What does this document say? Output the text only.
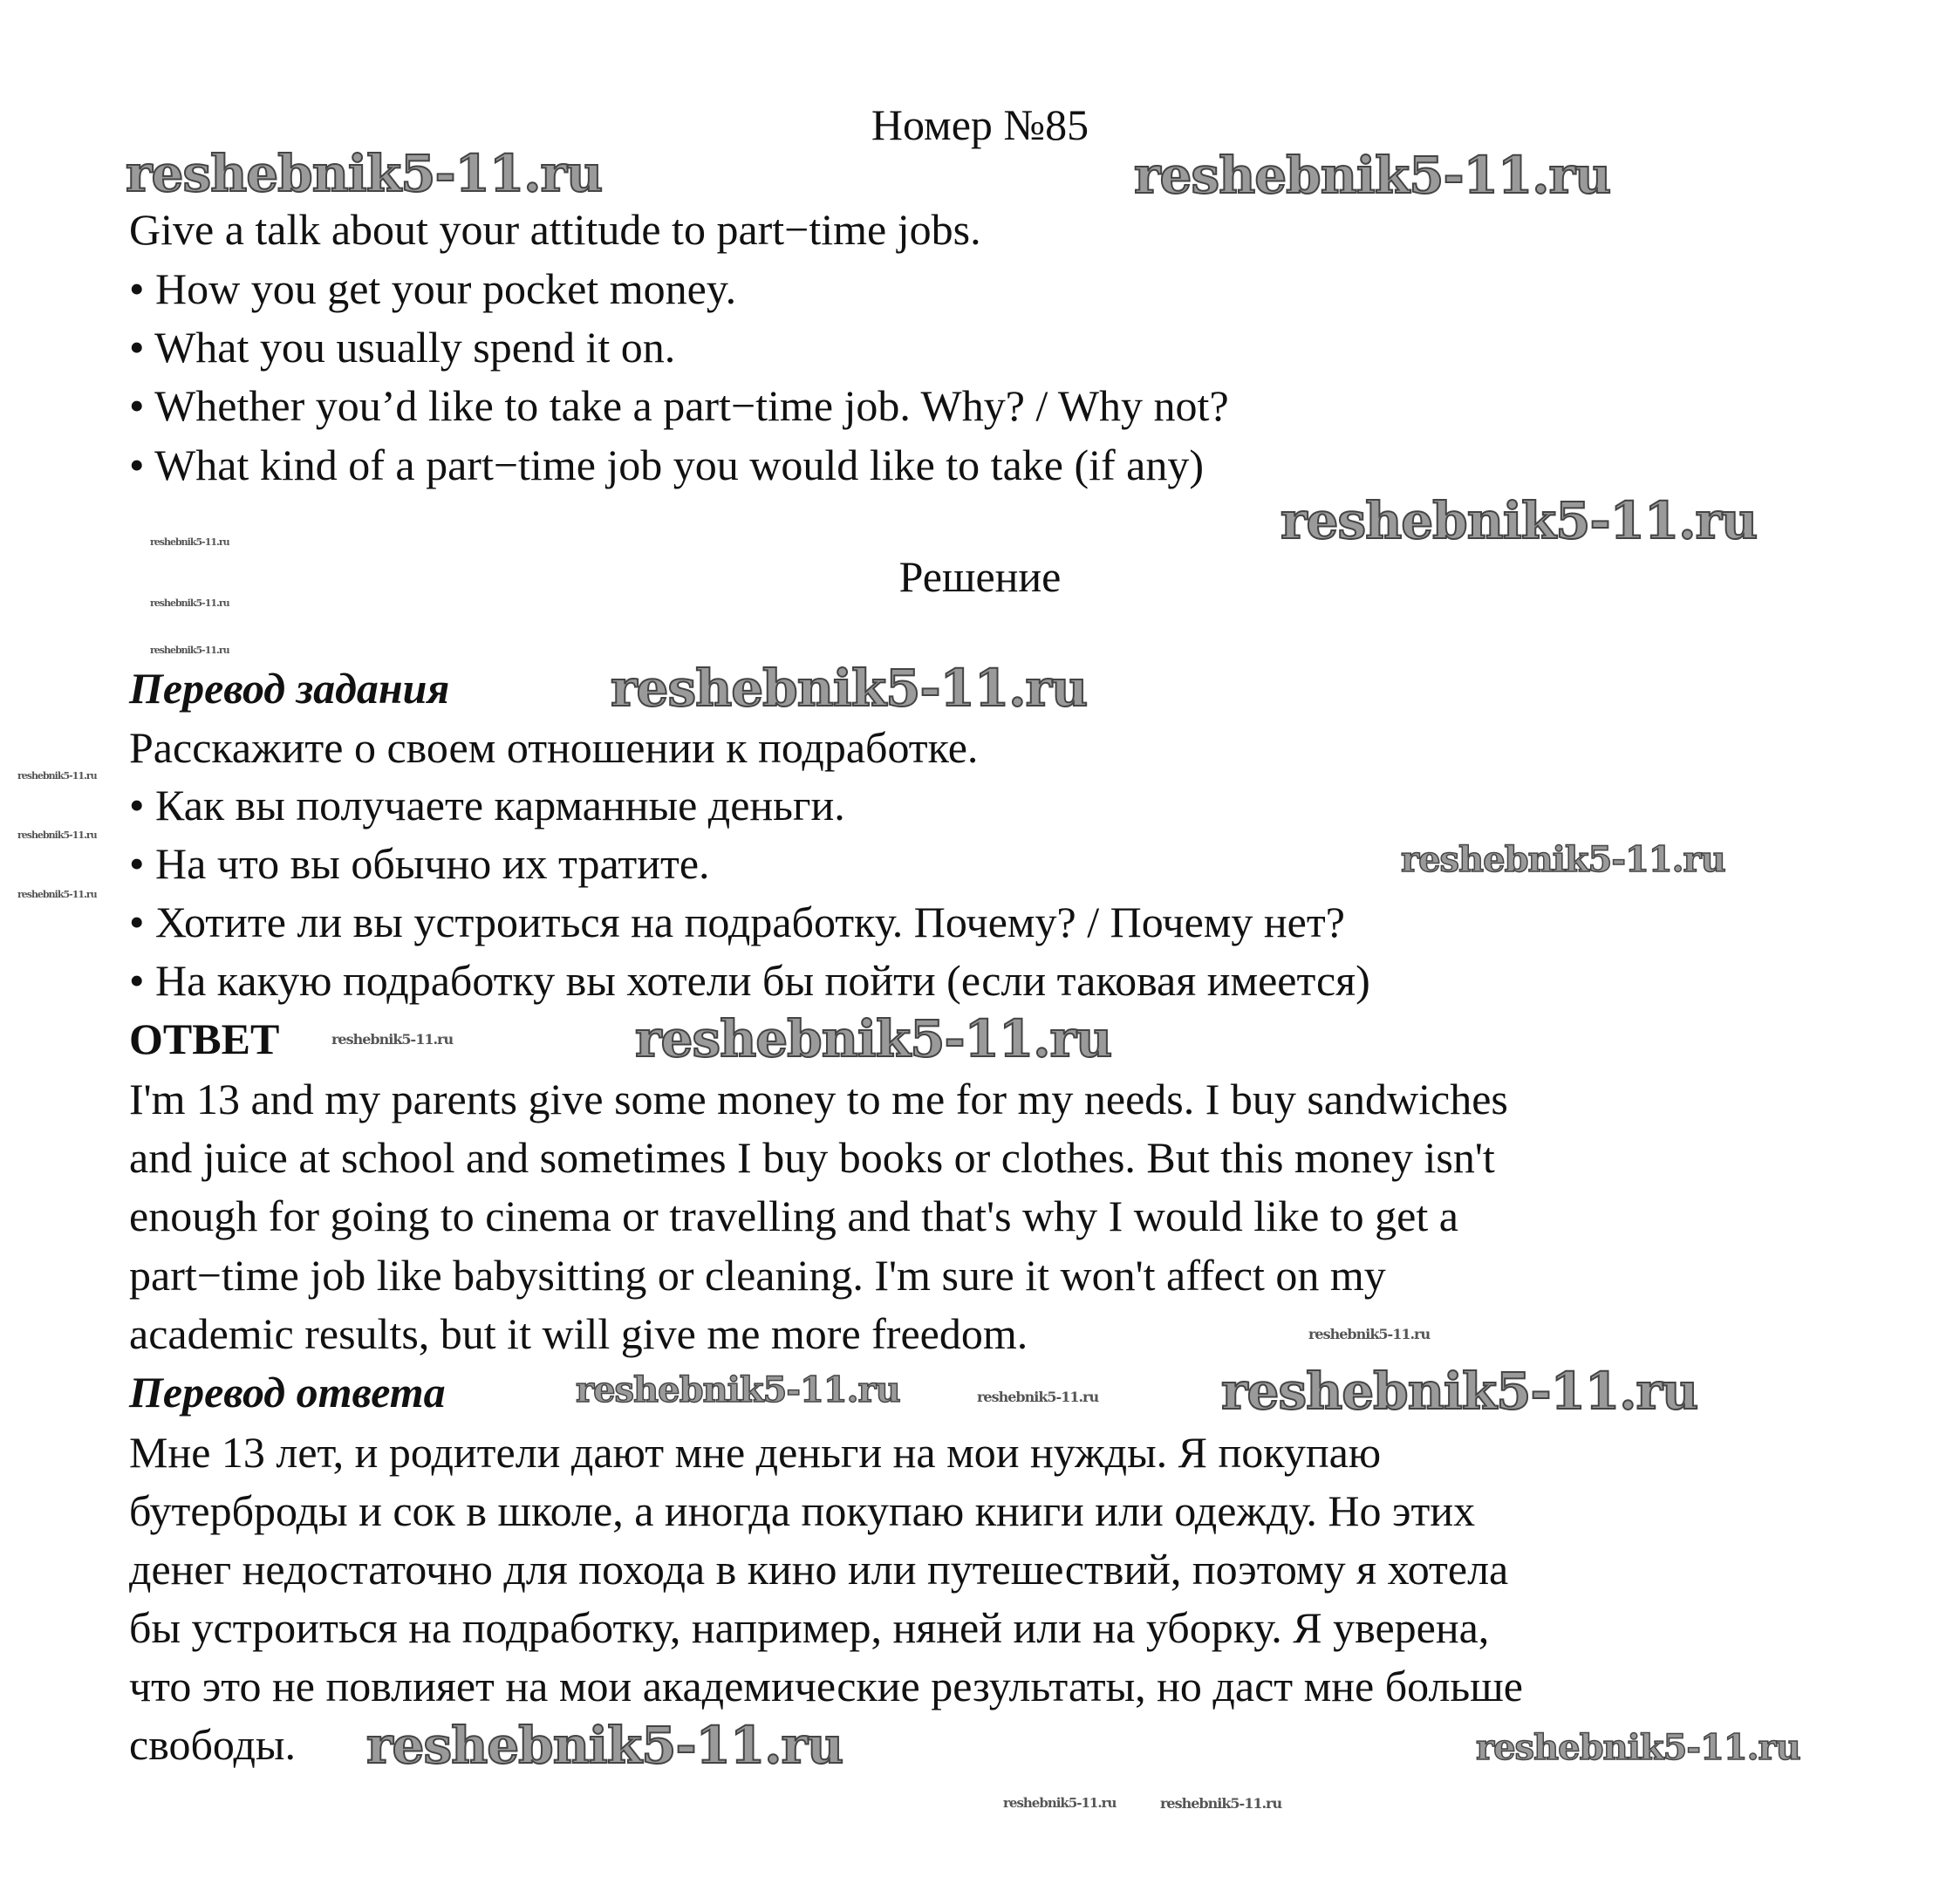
Номер №85
Give a talk about your attitude to part−time jobs.
• How you get your pocket money.
• What you usually spend it on.
• Whether you’d like to take a part−time job. Why? / Why not?
• What kind of a part−time job you would like to take (if any)
Решение
Перевод задания
Расскажите о своем отношении к подработке.
• Как вы получаете карманные деньги.
• На что вы обычно их тратите.
• Хотите ли вы устроиться на подработку. Почему? / Почему нет?
• На какую подработку вы хотели бы пойти (если таковая имеется)
ОТВЕТ
I'm 13 and my parents give some money to me for my needs. I buy sandwiches
and juice at school and sometimes I buy books or clothes. But this money isn't
enough for going to cinema or travelling and that's why I would like to get a
part−time job like babysitting or cleaning. I'm sure it won't affect on my
academic results, but it will give me more freedom.
Перевод ответа
Мне 13 лет, и родители дают мне деньги на мои нужды. Я покупаю
бутерброды и сок в школе, а иногда покупаю книги или одежду. Но этих
денег недостаточно для похода в кино или путешествий, поэтому я хотела
бы устроиться на подработку, например, няней или на уборку. Я уверена,
что это не повлияет на мои академические результаты, но даст мне больше
свободы.
reshebnik5-11.ru	reshebnik5-11.ru
reshebnik5-11.ru
reshebnik5-11.ru
reshebnik5-11.ru
reshebnik5-11.ru
reshebnik5-11.ru
reshebnik5-11.ru
reshebnik5-11.ru
reshebnik5-11.ru
reshebnik5-11.ru
reshebnik5-11.ru
reshebnik5-11.ru
reshebnik5-11.ru
reshebnik5-11.ru
reshebnik5-11.ru
reshebnik5-11.ru
reshebnik5-11.ru
reshebnik5-11.ru
reshebnik5-11.ru
reshebnik5-11.ru
